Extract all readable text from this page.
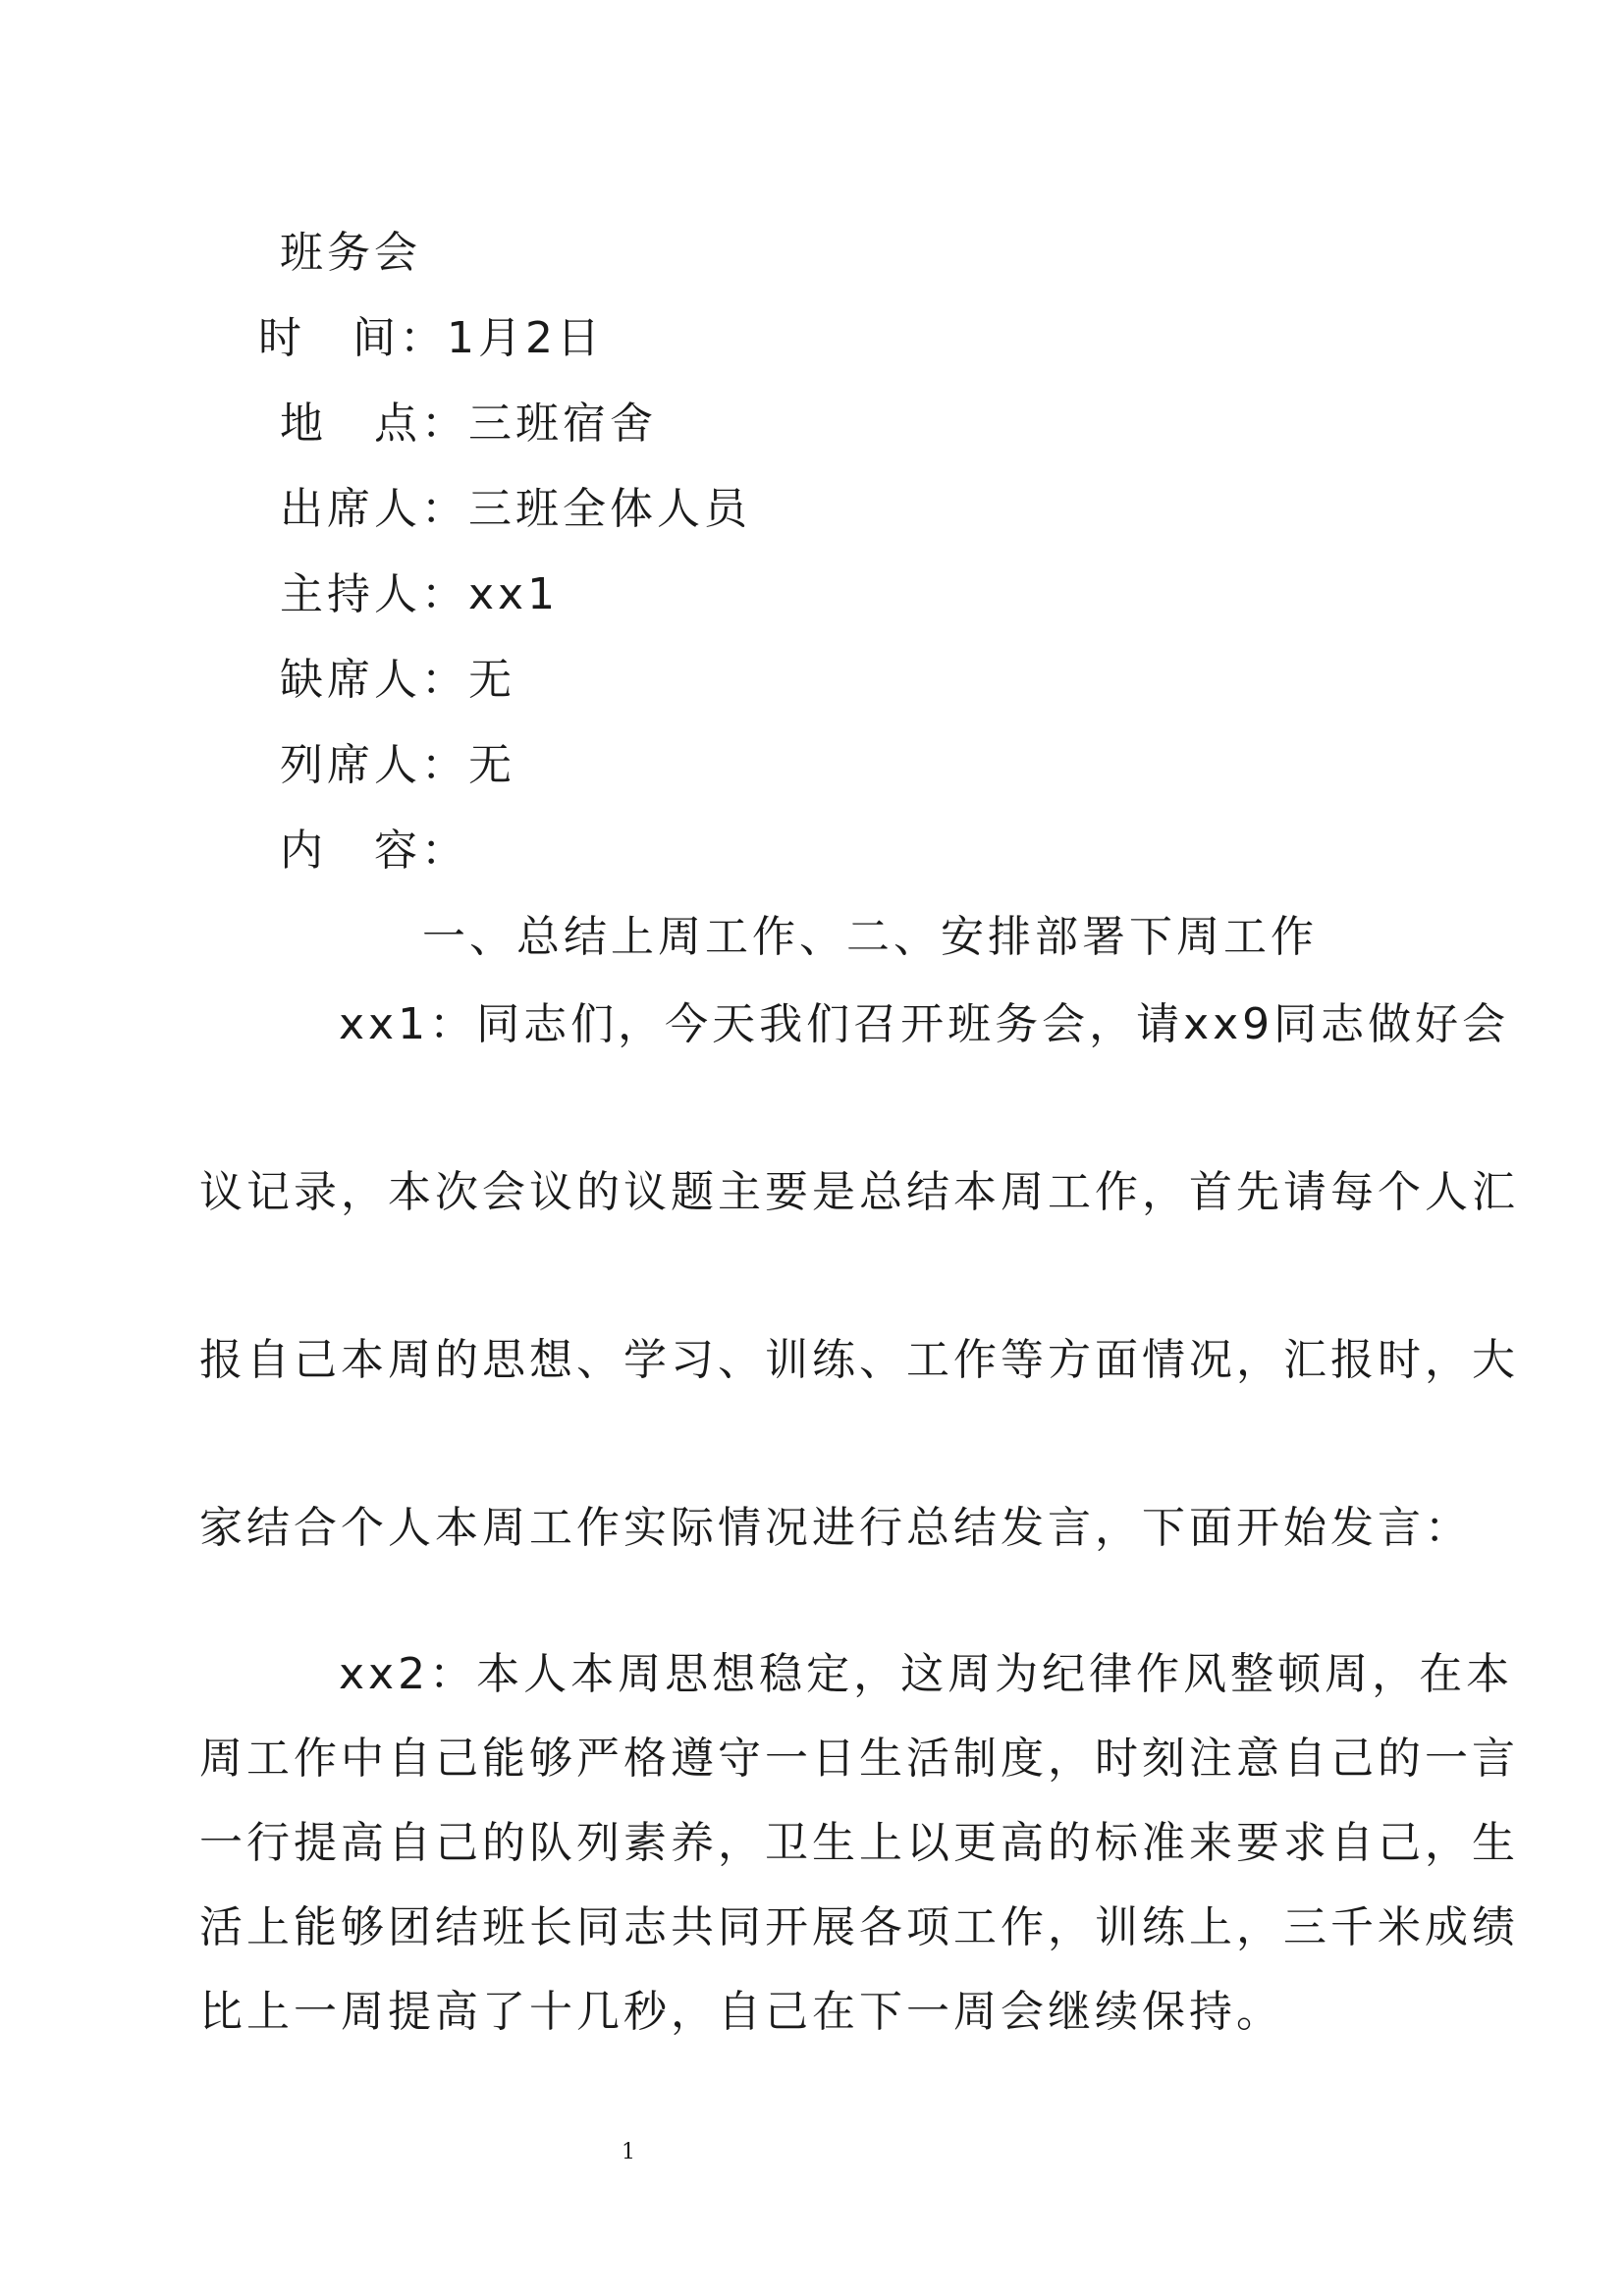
班务会

时　间：1月2日

地　点：三班宿舍

出席人：三班全体人员

主持人：xx1

缺席人：无

列席人：无

内　容：

一、总结上周工作、二、安排部署下周工作

xx1：同志们，今天我们召开班务会，请xx9同志做好会

议记录，本次会议的议题主要是总结本周工作，首先请每个人汇

报自己本周的思想、学习、训练、工作等方面情况，汇报时，大

家结合个人本周工作实际情况进行总结发言，下面开始发言：

xx2：本人本周思想稳定，这周为纪律作风整顿周，在本

周工作中自己能够严格遵守一日生活制度，时刻注意自己的一言

一行提高自己的队列素养，卫生上以更高的标准来要求自己，生

活上能够团结班长同志共同开展各项工作，训练上，三千米成绩

比上一周提高了十几秒，自己在下一周会继续保持。

1
